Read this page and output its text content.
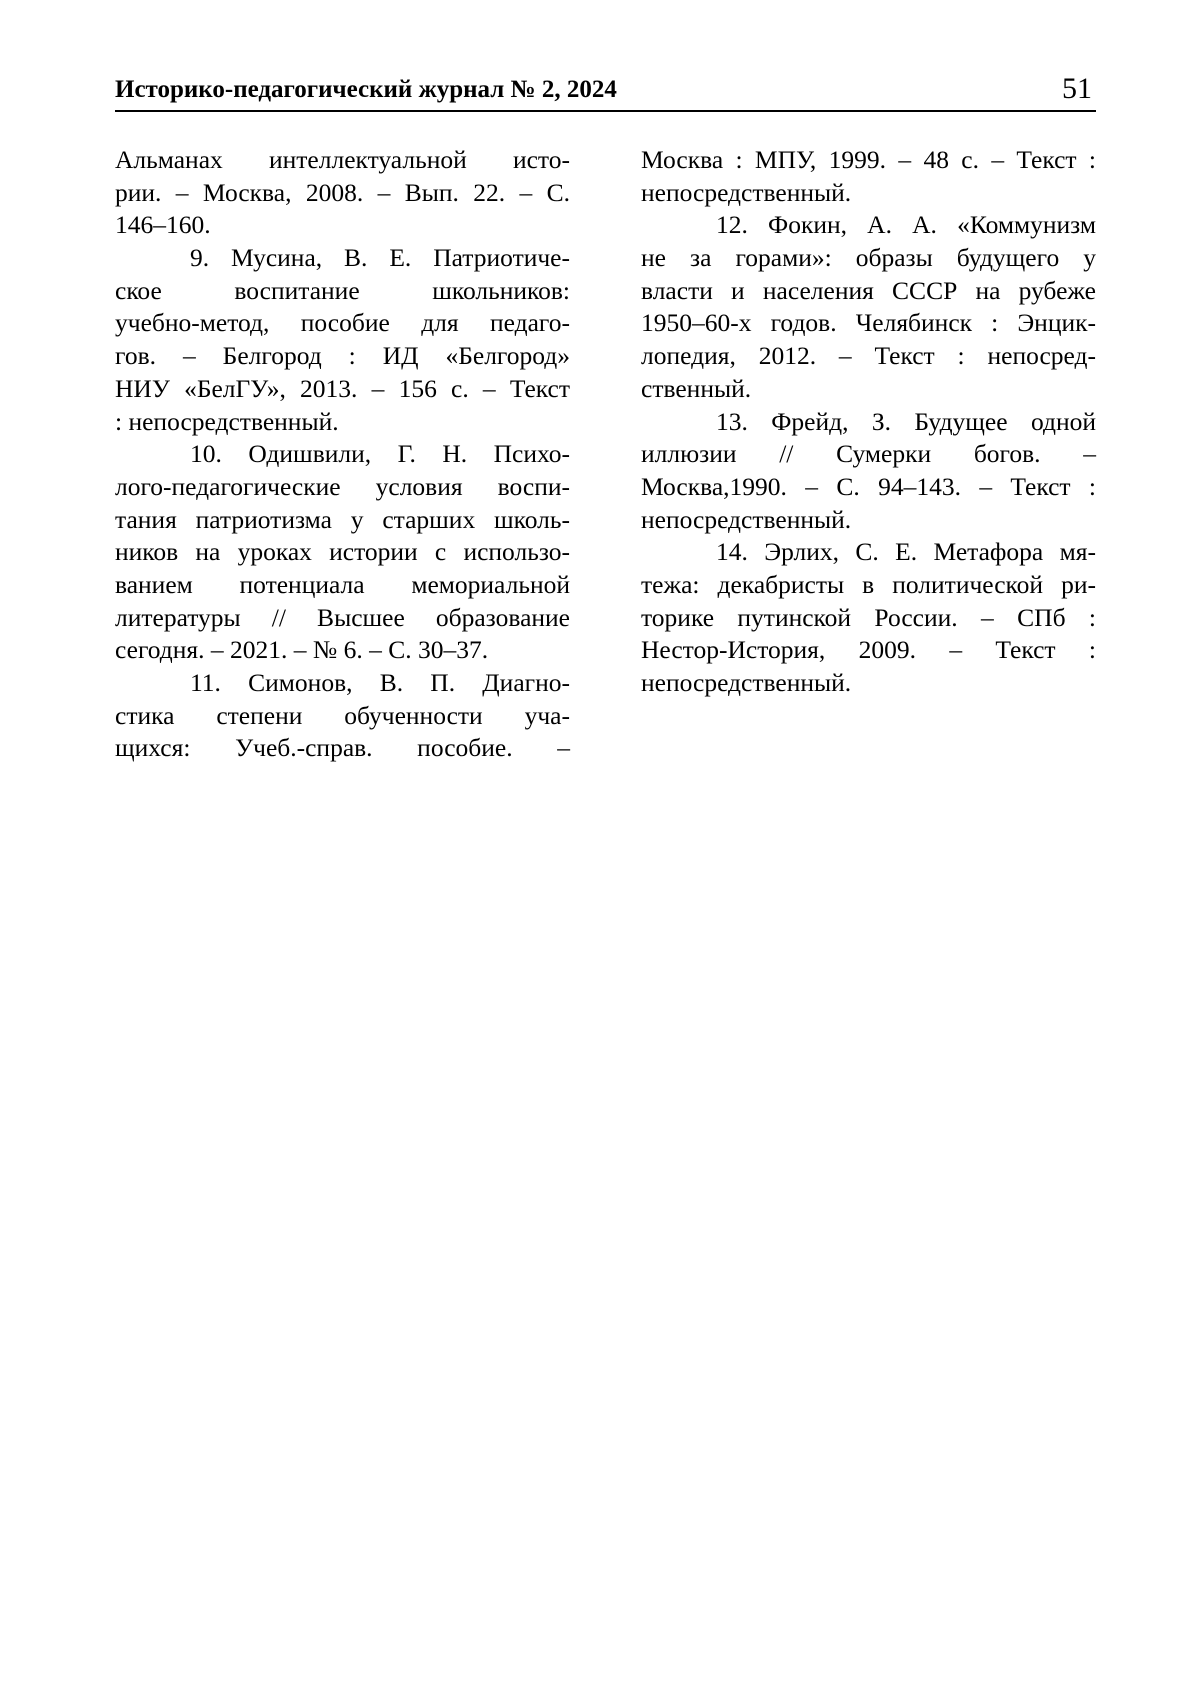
Историко-педагогический журнал № 2, 2024	51
Альманах интеллектуальной исто-
рии. – Москва, 2008. – Вып. 22. – С.
146–160.
9. Мусина, В. Е. Патриотиче-
ское воспитание школьников:
учебно-метод, пособие для педаго-
гов. – Белгород : ИД «Белгород»
НИУ «БелГУ», 2013. – 156 с. – Текст
: непосредственный.
10. Одишвили, Г. Н. Психо-
лого-педагогические условия воспи-
тания патриотизма у старших школь-
ников на уроках истории с использо-
ванием потенциала мемориальной
литературы // Высшее образование
сегодня. – 2021. – № 6. – С. 30–37.
11. Симонов, В. П. Диагно-
стика степени обученности уча-
щихся: Учеб.-справ. пособие. –
Москва : МПУ, 1999. – 48 с. – Текст :
непосредственный.
12. Фокин, А. А. «Коммунизм
не за горами»: образы будущего у
власти и населения СССР на рубеже
1950–60-х годов. Челябинск : Энцик-
лопедия, 2012. – Текст : непосред-
ственный.
13. Фрейд, З. Будущее одной
иллюзии // Сумерки богов. –
Москва,1990. – С. 94–143. – Текст :
непосредственный.
14. Эрлих, С. Е. Метафора мя-
тежа: декабристы в политической ри-
торике путинской России. – СПб :
Нестор-История, 2009. – Текст :
непосредственный.
